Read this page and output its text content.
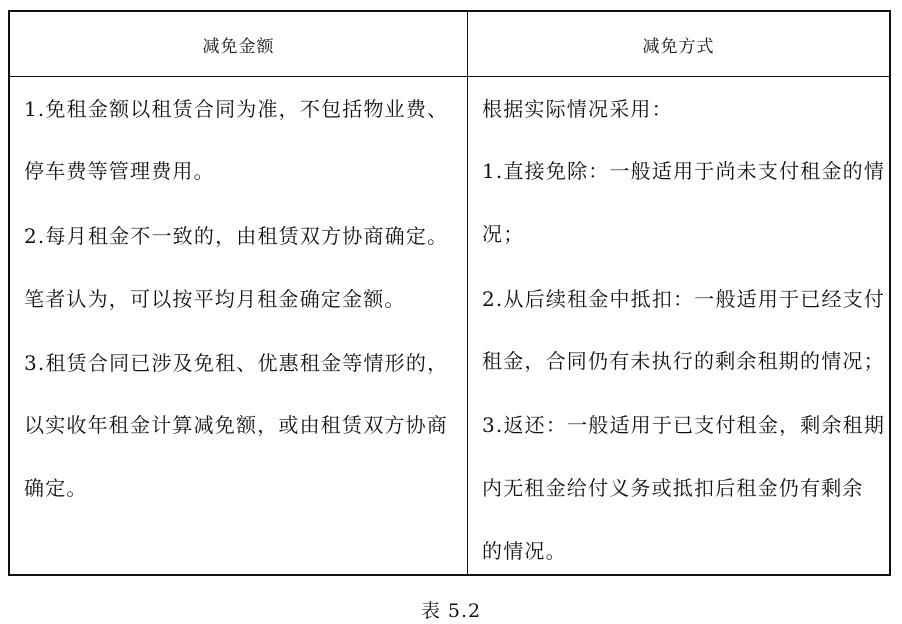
减免金额	减免方式
1.免租金额以租赁合同为准，不包括物业费、
停车费等管理费用。
2.每月租金不一致的，由租赁双方协商确定。
笔者认为，可以按平均月租金确定金额。
3.租赁合同已涉及免租、优惠租金等情形的，
以实收年租金计算减免额，或由租赁双方协商
确定。
根据实际情况采用：
1.直接免除：一般适用于尚未支付租金的情
况；
2.从后续租金中抵扣：一般适用于已经支付
租金，合同仍有未执行的剩余租期的情况；
3.返还：一般适用于已支付租金，剩余租期
内无租金给付义务或抵扣后租金仍有剩余
的情况。
表 5.2
